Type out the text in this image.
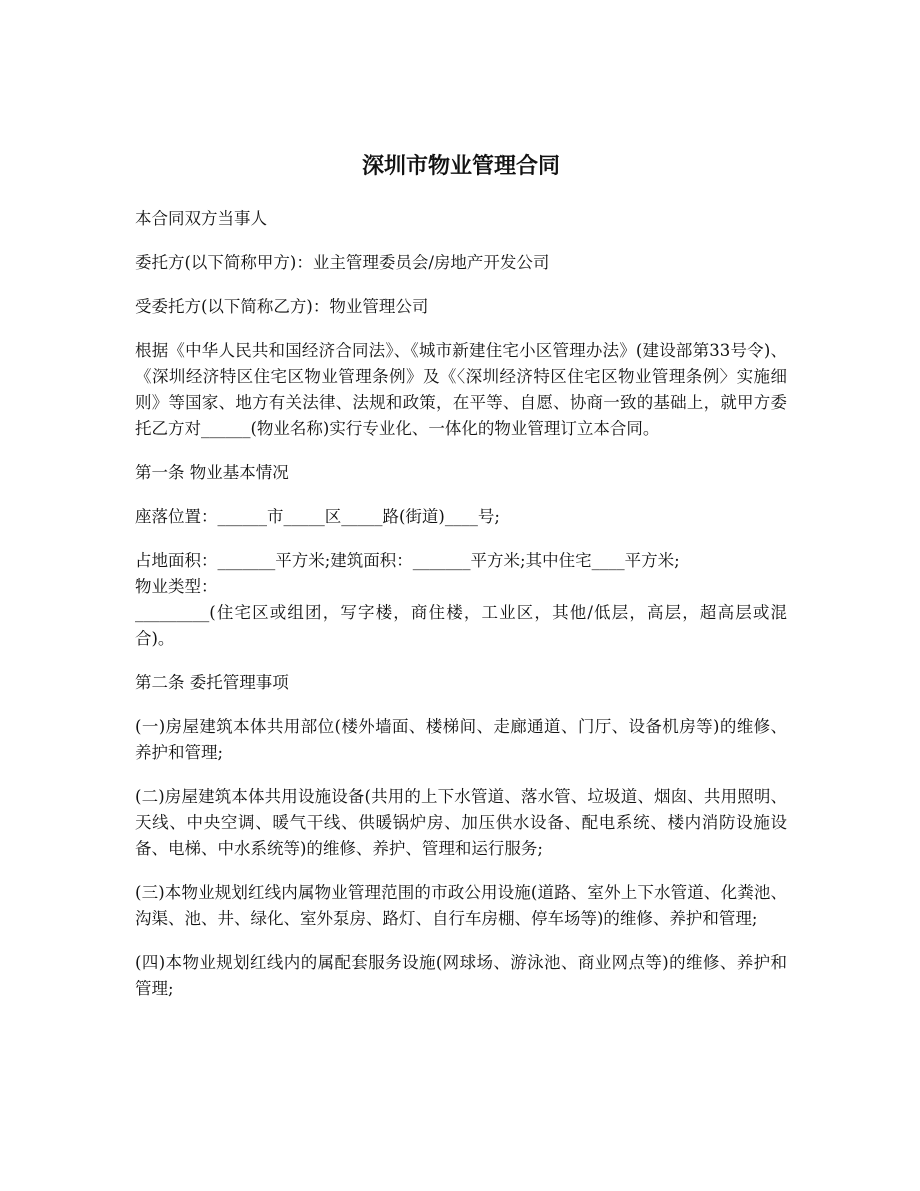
深圳市物业管理合同

本合同双方当事人

委托方(以下简称甲方)：业主管理委员会/房地产开发公司

受委托方(以下简称乙方)：物业管理公司

根据《中华人民共和国经济合同法》、《城市新建住宅小区管理办法》(建设部第33号令)、《深圳经济特区住宅区物业管理条例》及《〈深圳经济特区住宅区物业管理条例〉实施细则》等国家、地方有关法律、法规和政策，在平等、自愿、协商一致的基础上，就甲方委托乙方对______(物业名称)实行专业化、一体化的物业管理订立本合同。

第一条 物业基本情况

座落位置：______市_____区_____路(街道)____号;

占地面积：_______平方米;建筑面积：_______平方米;其中住宅____平方米;

物业类型：

_________(住宅区或组团，写字楼，商住楼，工业区，其他/低层，高层，超高层或混合)。

第二条 委托管理事项

(一)房屋建筑本体共用部位(楼外墙面、楼梯间、走廊通道、门厅、设备机房等)的维修、养护和管理;

(二)房屋建筑本体共用设施设备(共用的上下水管道、落水管、垃圾道、烟囱、共用照明、天线、中央空调、暖气干线、供暖锅炉房、加压供水设备、配电系统、楼内消防设施设备、电梯、中水系统等)的维修、养护、管理和运行服务;

(三)本物业规划红线内属物业管理范围的市政公用设施(道路、室外上下水管道、化粪池、沟渠、池、井、绿化、室外泵房、路灯、自行车房棚、停车场等)的维修、养护和管理;

(四)本物业规划红线内的属配套服务设施(网球场、游泳池、商业网点等)的维修、养护和管理;
